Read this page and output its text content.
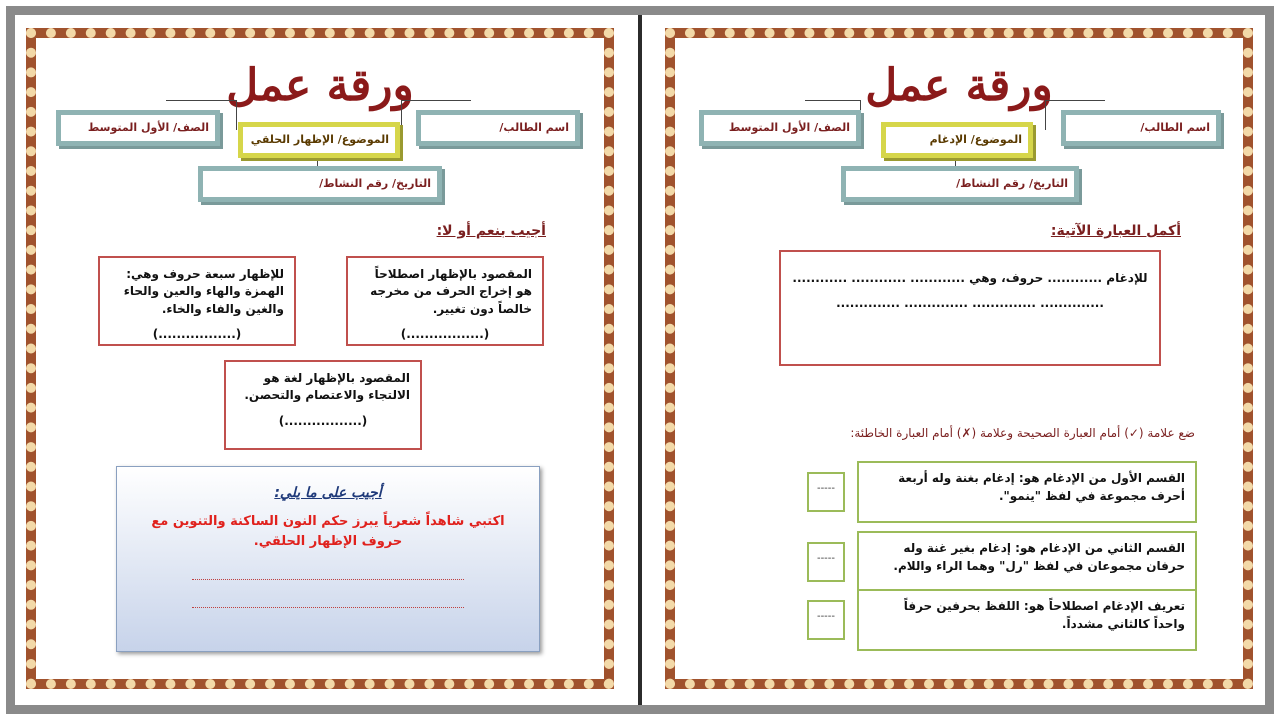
ورقة عمل
الصف/ الأول المتوسط	اسم الطالب/
الموضوع/ الإظهار الحلقي
التاريخ/ رقم النشاط/
أجيب بنعم أو لا:
المقصود بالإظهار اصطلاحاً هو إخراج الحرف من مخرجه خالصاً دون تغيير.
(.................)
للإظهار سبعة حروف وهي: الهمزة والهاء والعين والحاء والغين والفاء والخاء.
(.................)
المقصود بالإظهار لغة هو الالتجاء والاعتصام والتحصن.
(.................)
أجيب على ما يلي:
اكتبي شاهداً شعرياً يبرز حكم النون الساكنة والتنوين مع حروف الإظهار الحلقي.
ورقة عمل
الصف/ الأول المتوسط	اسم الطالب/
الموضوع/ الإدغام
التاريخ/ رقم النشاط/
أكمل العبارة الآتية:
للإدغام ............ حروف، وهي ............ ............ ............
.............. .............. .............. ..............
ضع علامة (✓) أمام العبارة الصحيحة وعلامة (✗) أمام العبارة الخاطئة:
القسم الأول من الإدغام هو: إدغام بغنة وله أربعة أحرف مجموعة في لفظ "ينمو".
-----
القسم الثاني من الإدغام هو: إدغام بغير غنة وله حرفان مجموعان في لفظ "رل" وهما الراء واللام.
-----
تعريف الإدغام اصطلاحاً هو: اللفظ بحرفين حرفاً واحداً كالثاني مشدداً.
-----
